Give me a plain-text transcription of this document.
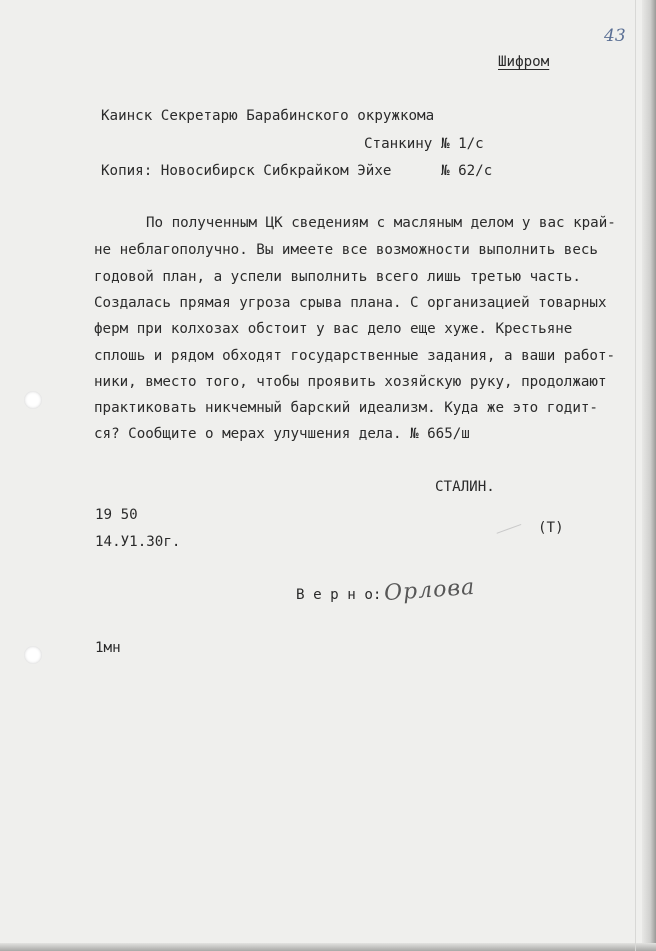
43
Шифром
Каинск Секретарю Барабинского окружкома
Станкину № 1/с
Копия: Новосибирск Сибкрайком Эйхе	№ 62/с
По полученным ЦК сведениям с масляным делом у вас край-
не неблагополучно. Вы имеете все возможности выполнить весь
годовой план, а успели выполнить всего лишь третью часть.
Создалась прямая угроза срыва плана. С организацией товарных
ферм при колхозах обстоит у вас дело еще хуже. Крестьяне
сплошь и рядом обходят государственные задания, а ваши работ-
ники, вместо того, чтобы проявить хозяйскую руку, продолжают
практиковать никчемный барский идеализм. Куда же это годит-
ся? Сообщите о мерах улучшения дела. № 665/ш
СТАЛИН.
19 50
14.У1.30г.
(Т)
В е р н о: Орлова
1мн
